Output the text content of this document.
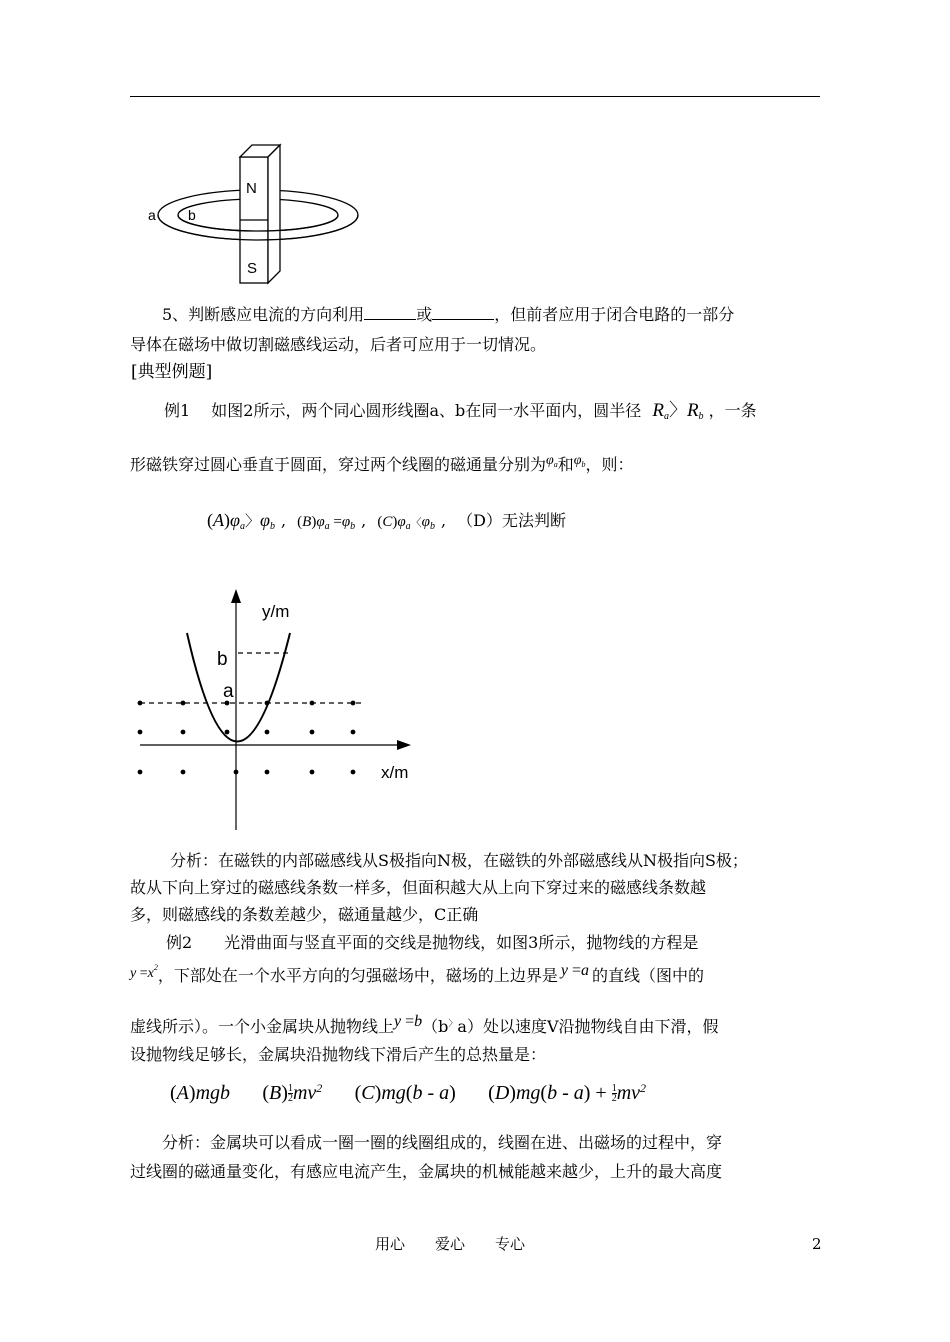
N
S
a b
5、判断感应电流的方向利用	或	，但前者应用于闭合电路的一部分
导体在磁场中做切割磁感线运动，后者可应用于一切情况。
[典型例题]
例1　 如图2所示，两个同心圆形线圈a、b在同一水平面内，圆半径 $R_a$〉$R_b$ ，一条
形磁铁穿过圆心垂直于圆面，穿过两个线圈的磁通量分别为$\varphi_a$和$\varphi_b$，则：
$(A)\varphi_a$〉$\varphi_b$ , $(B)\varphi_a =\varphi_b$ , $(C)\varphi_a$〈$\varphi_b$ , （D）无法判断
y/m
x/m
b
a
分析：在磁铁的内部磁感线从S极指向N极，在磁铁的外部磁感线从N极指向S极；
故从下向上穿过的磁感线条数一样多，但面积越大从上向下穿过来的磁感线条数越
多，则磁感线的条数差越少，磁通量越少，C正确
例2　　光滑曲面与竖直平面的交线是抛物线，如图3所示，抛物线的方程是
$y =x^2$，下部处在一个水平方向的匀强磁场中，磁场的上边界是 y =a 的直线（图中的
虚线所示）。一个小金属块从抛物线上y =b（b〉a）处以速度V沿抛物线自由下滑，假
设抛物线足够长，金属块沿抛物线下滑后产生的总热量是：
(A)mgb $(B) \frac{1}{2} mv^2$ (C)mg(b - a) $(D)mg(b - a) + \frac{1}{2} mv^2$
分析：金属块可以看成一圈一圈的线圈组成的，线圈在进、出磁场的过程中，穿
过线圈的磁通量变化，有感应电流产生，金属块的机械能越来越少，上升的最大高度
用心　　爱心　　专心	2
